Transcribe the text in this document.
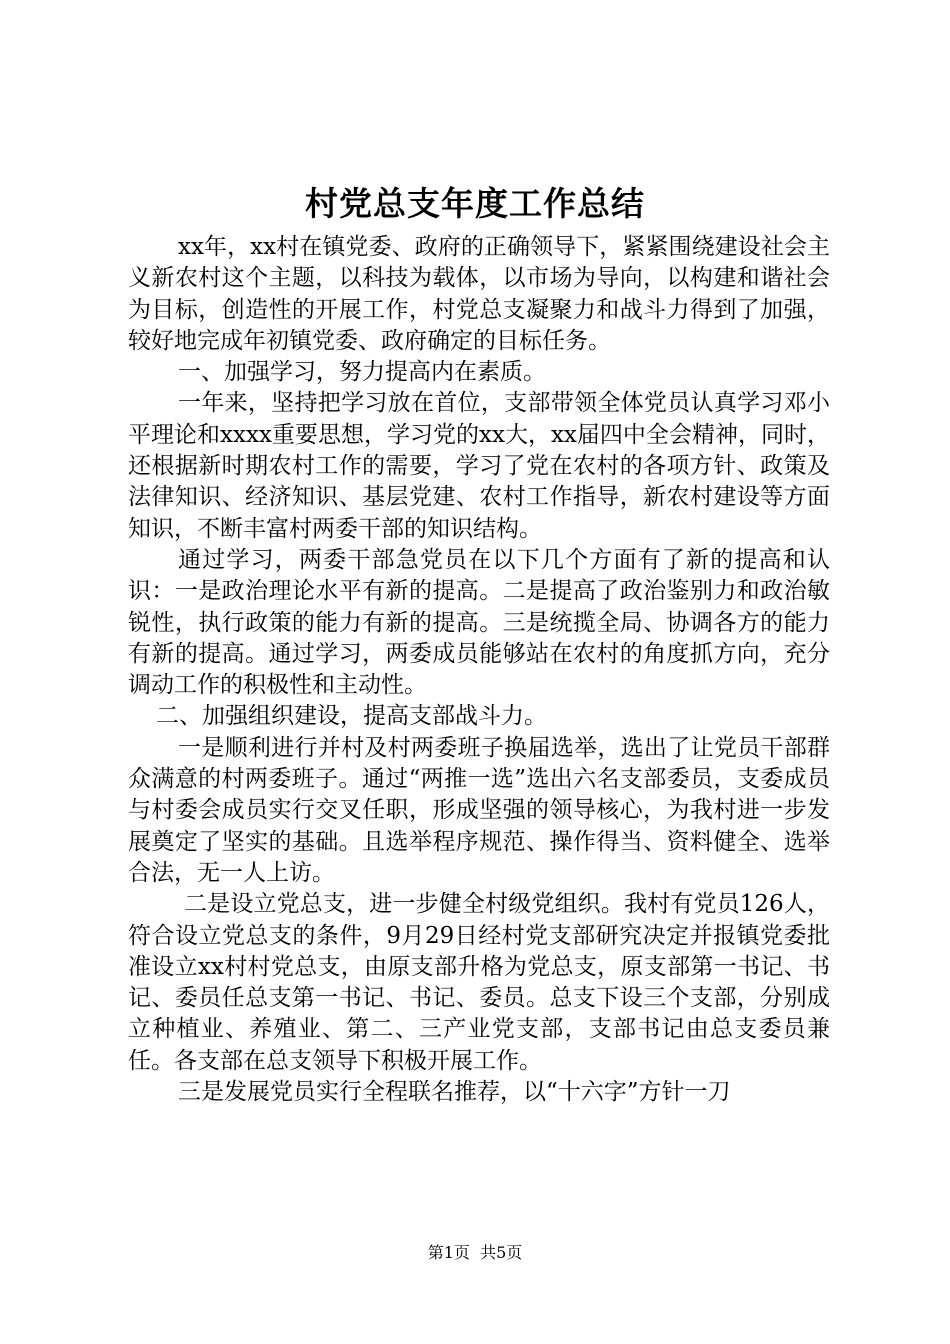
村党总支年度工作总结

xx年，xx村在镇党委、政府的正确领导下，紧紧围绕建设社会主义新农村这个主题，以科技为载体，以市场为导向，以构建和谐社会为目标，创造性的开展工作，村党总支凝聚力和战斗力得到了加强，较好地完成年初镇党委、政府确定的目标任务。

一、加强学习，努力提高内在素质。

一年来，坚持把学习放在首位，支部带领全体党员认真学习邓小平理论和xxxx重要思想，学习党的xx大，xx届四中全会精神，同时，还根据新时期农村工作的需要，学习了党在农村的各项方针、政策及法律知识、经济知识、基层党建、农村工作指导，新农村建设等方面知识，不断丰富村两委干部的知识结构。

通过学习，两委干部急党员在以下几个方面有了新的提高和认识：一是政治理论水平有新的提高。二是提高了政治鉴别力和政治敏锐性，执行政策的能力有新的提高。三是统揽全局、协调各方的能力有新的提高。通过学习，两委成员能够站在农村的角度抓方向，充分调动工作的积极性和主动性。

二、加强组织建设，提高支部战斗力。

一是顺利进行并村及村两委班子换届选举，选出了让党员干部群众满意的村两委班子。通过“两推一选”选出六名支部委员，支委成员与村委会成员实行交叉任职，形成坚强的领导核心，为我村进一步发展奠定了坚实的基础。且选举程序规范、操作得当、资料健全、选举合法，无一人上访。

二是设立党总支，进一步健全村级党组织。我村有党员126人，符合设立党总支的条件，9月29日经村党支部研究决定并报镇党委批准设立xx村村党总支，由原支部升格为党总支，原支部第一书记、书记、委员任总支第一书记、书记、委员。总支下设三个支部，分别成立种植业、养殖业、第二、三产业党支部，支部书记由总支委员兼任。各支部在总支领导下积极开展工作。

三是发展党员实行全程联名推荐，以“十六字”方针一刀

第1页  共5页
